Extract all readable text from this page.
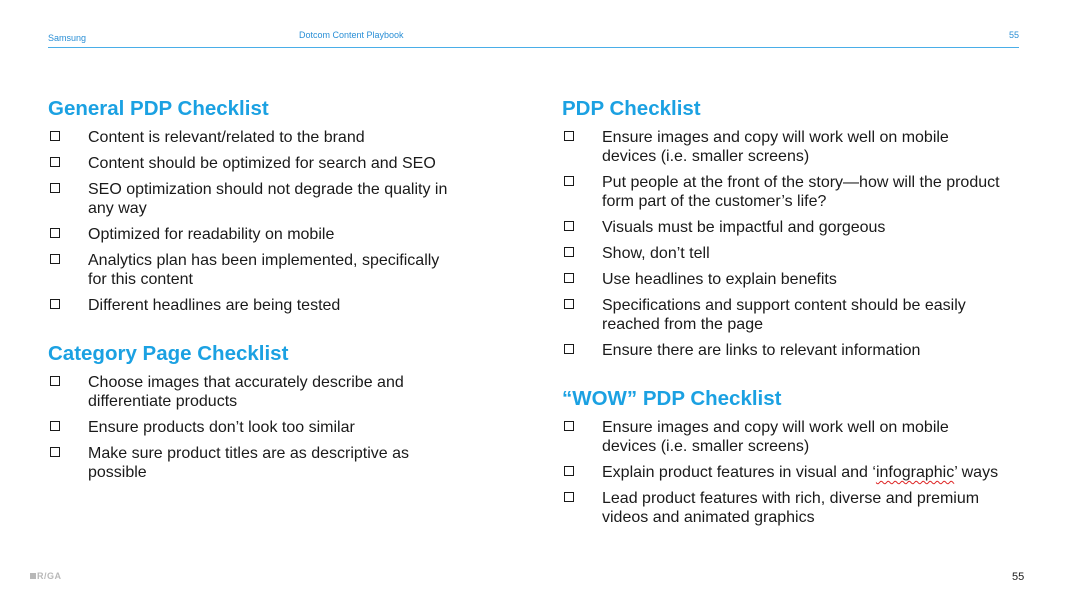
Samsung	Dotcom Content Playbook	55
General PDP Checklist
Content is relevant/related to the brand
Content should be optimized for search and SEO
SEO optimization should not degrade the quality in any way
Optimized for readability on mobile
Analytics plan has been implemented, specifically for this content
Different headlines are being tested
Category Page Checklist
Choose images that accurately describe and differentiate products
Ensure products don’t look too similar
Make sure product titles are as descriptive as possible
PDP Checklist
Ensure images and copy will work well on mobile devices (i.e. smaller screens)
Put people at the front of the story—how will the product form part of the customer’s life?
Visuals must be impactful and gorgeous
Show, don’t tell
Use headlines to explain benefits
Specifications and support content should be easily reached from the page
Ensure there are links to relevant information
“WOW” PDP Checklist
Ensure images and copy will work well on mobile devices (i.e. smaller screens)
Explain product features in visual and ‘infographic’ ways
Lead product features with rich, diverse and premium videos and animated graphics
R/GA	55
